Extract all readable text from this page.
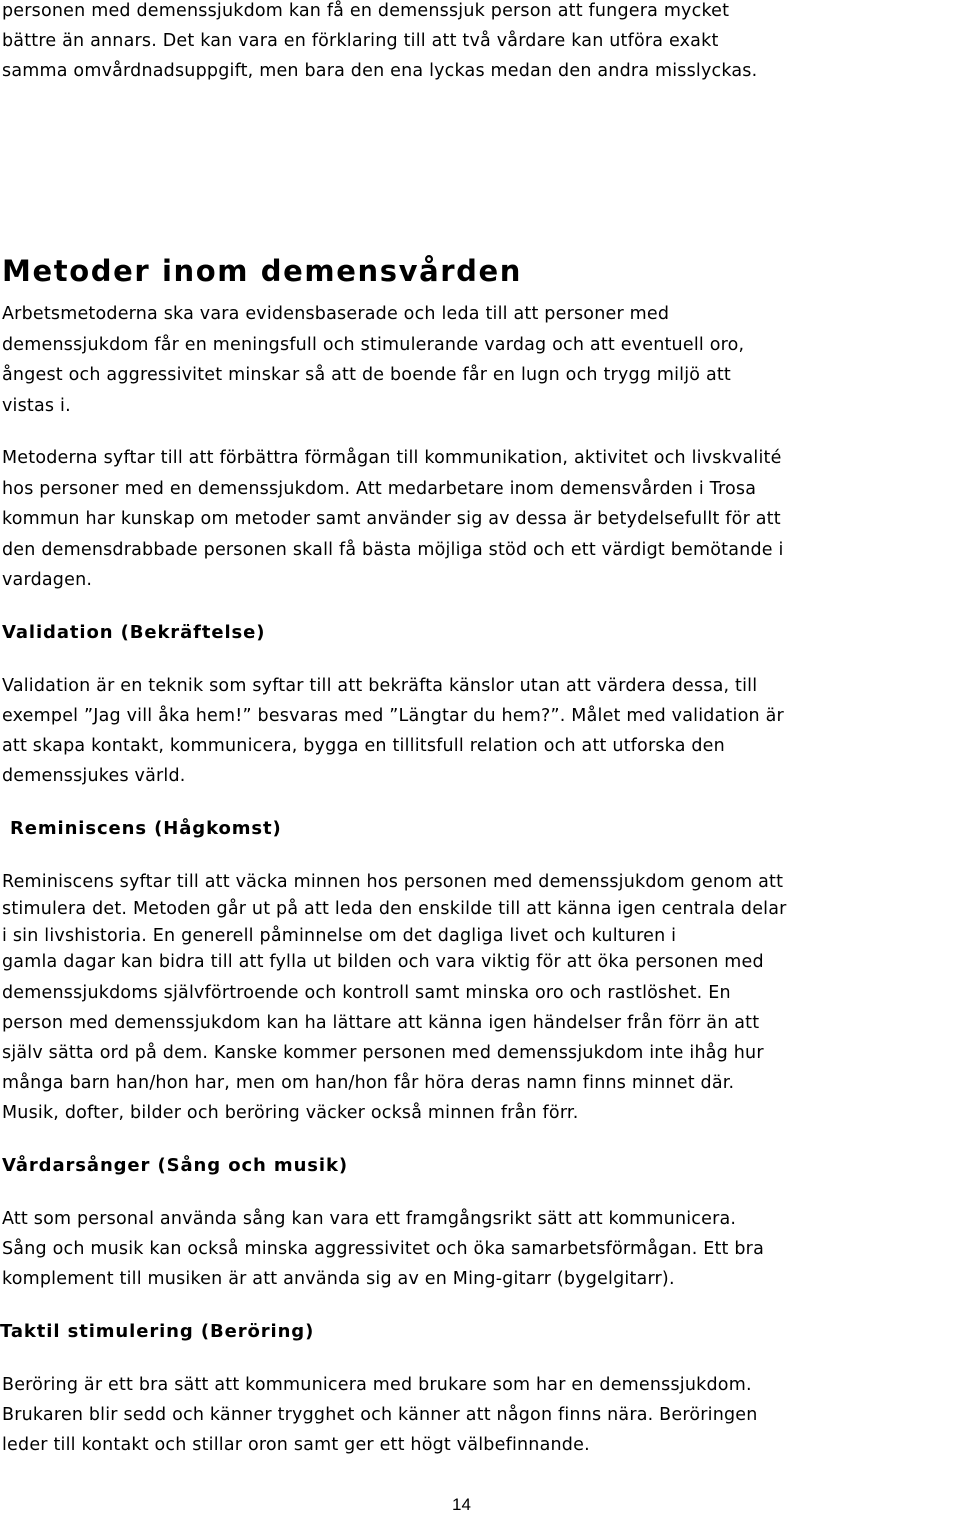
personen med demenssjukdom kan få en demenssjuk person att fungera mycket

bättre än annars. Det kan vara en förklaring till att två vårdare kan utföra exakt

samma omvårdnadsuppgift, men bara den ena lyckas medan den andra misslyckas.

Metoder inom demensvården

Arbetsmetoderna ska vara evidensbaserade och leda till att personer med

demenssjukdom får en meningsfull och stimulerande vardag och att eventuell oro,

ångest och aggressivitet minskar så att de boende får en lugn och trygg miljö att

vistas i.

Metoderna syftar till att förbättra förmågan till kommunikation, aktivitet och livskvalité

hos personer med en demenssjukdom. Att medarbetare inom demensvården i Trosa

kommun har kunskap om metoder samt använder sig av dessa är betydelsefullt för att

den demensdrabbade personen skall få bästa möjliga stöd och ett värdigt bemötande i

vardagen.

Validation (Bekräftelse)

Validation är en teknik som syftar till att bekräfta känslor utan att värdera dessa, till

exempel ”Jag vill åka hem!” besvaras med ”Längtar du hem?”. Målet med validation är

att skapa kontakt, kommunicera, bygga en tillitsfull relation och att utforska den

demenssjukes värld.

Reminiscens (Hågkomst)

Reminiscens syftar till att väcka minnen hos personen med demenssjukdom genom att

stimulera det. Metoden går ut på att leda den enskilde till att känna igen centrala delar

i sin livshistoria. En generell påminnelse om det dagliga livet och kulturen i

gamla dagar kan bidra till att fylla ut bilden och vara viktig för att öka personen med

demenssjukdoms självförtroende och kontroll samt minska oro och rastlöshet. En

person med demenssjukdom kan ha lättare att känna igen händelser från förr än att

själv sätta ord på dem. Kanske kommer personen med demenssjukdom inte ihåg hur

många barn han/hon har, men om han/hon får höra deras namn finns minnet där.

Musik, dofter, bilder och beröring väcker också minnen från förr.

Vårdarsånger (Sång och musik)

Att som personal använda sång kan vara ett framgångsrikt sätt att kommunicera.

Sång och musik kan också minska aggressivitet och öka samarbetsförmågan. Ett bra

komplement till musiken är att använda sig av en Ming-gitarr (bygelgitarr).

Taktil stimulering (Beröring)

Beröring är ett bra sätt att kommunicera med brukare som har en demenssjukdom.

Brukaren blir sedd och känner trygghet och känner att någon finns nära. Beröringen

leder till kontakt och stillar oron samt ger ett högt välbefinnande.

14
